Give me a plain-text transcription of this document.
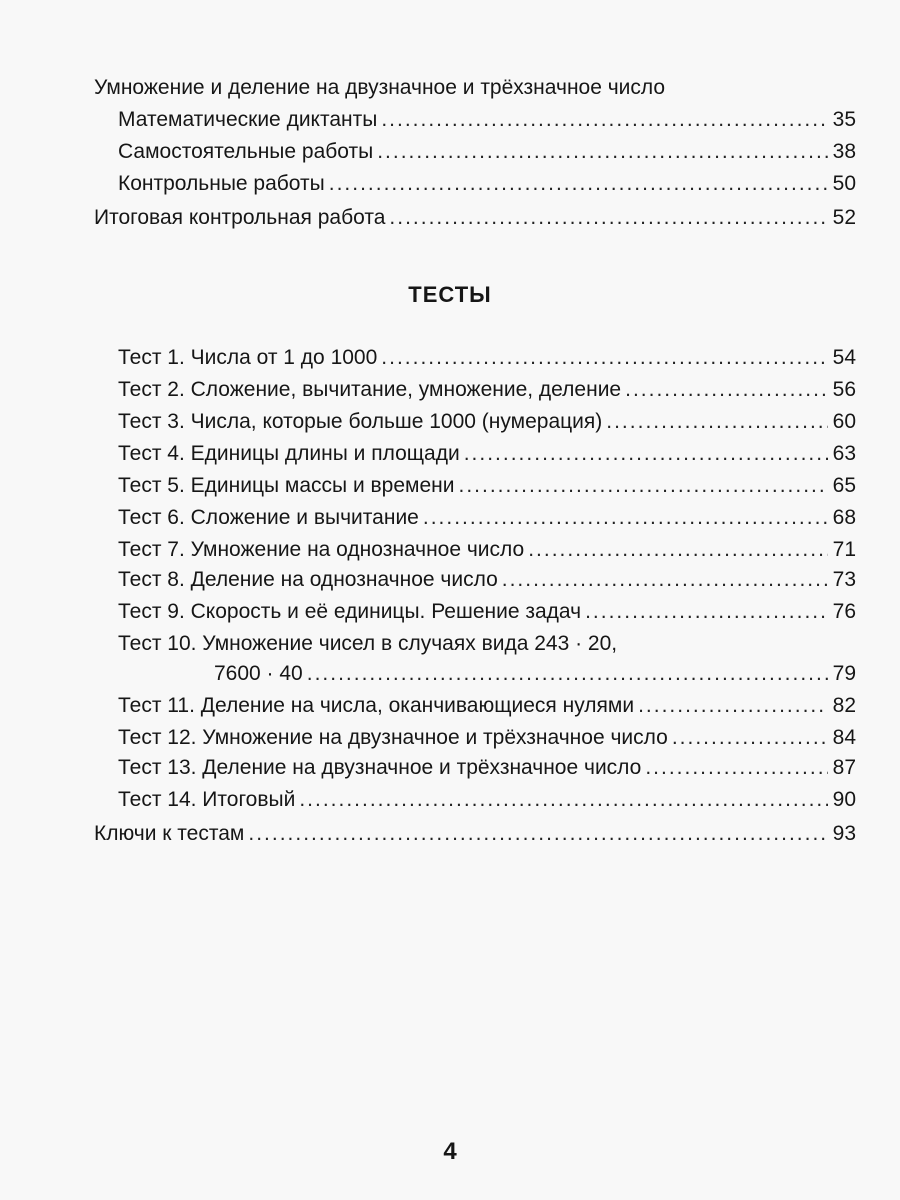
Умножение и деление на двузначное и трёхзначное число
Математические диктанты .....	35
Самостоятельные работы .....	38
Контрольные работы .....	50
Итоговая контрольная работа .....	52
ТЕСТЫ
Тест 1. Числа от 1 до 1000 .....	54
Тест 2. Сложение, вычитание, умножение, деление .....	56
Тест 3. Числа, которые больше 1000 (нумерация) .....	60
Тест 4. Единицы длины и площади .....	63
Тест 5. Единицы массы и времени .....	65
Тест 6. Сложение и вычитание .....	68
Тест 7. Умножение на однозначное число .....	71
Тест 8. Деление на однозначное число .....	73
Тест 9. Скорость и её единицы. Решение задач .....	76
Тест 10. Умножение чисел в случаях вида 243 · 20,
7600 · 40 .....	79
Тест 11. Деление на числа, оканчивающиеся нулями .....	82
Тест 12. Умножение на двузначное и трёхзначное число .....	84
Тест 13. Деление на двузначное и трёхзначное число .....	87
Тест 14. Итоговый .....	90
Ключи к тестам .....	93
4
